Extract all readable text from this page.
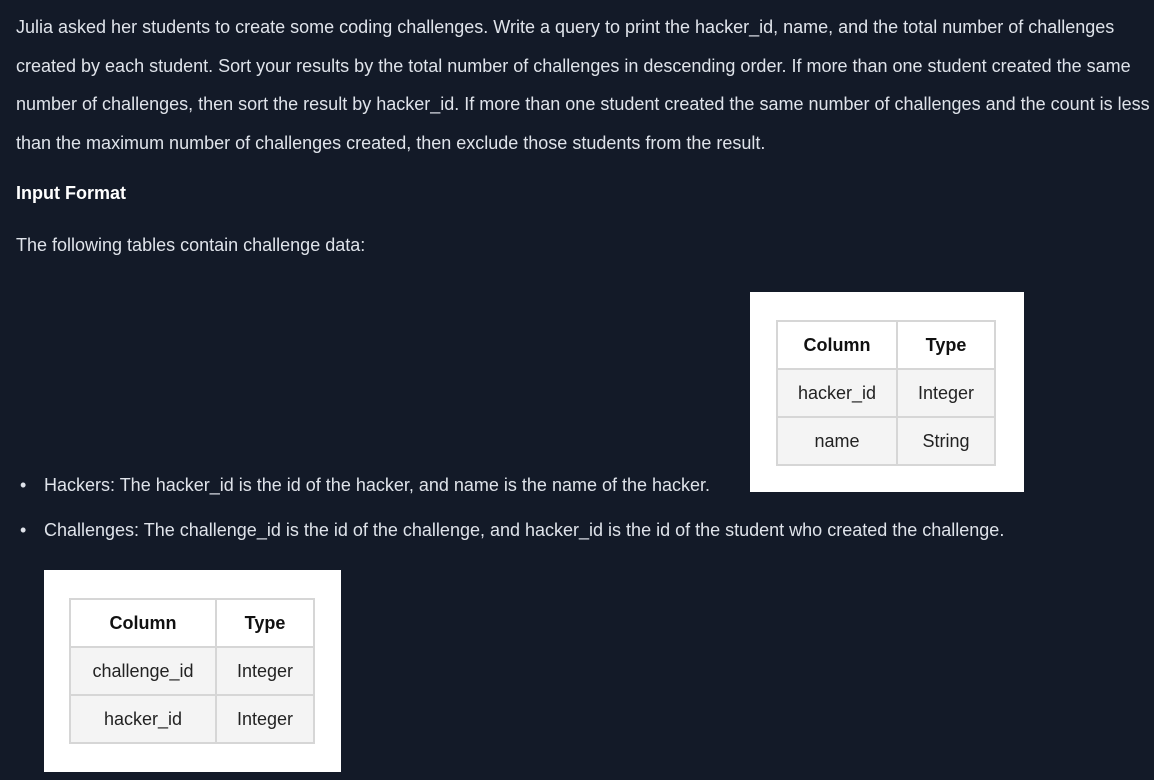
Julia asked her students to create some coding challenges. Write a query to print the hacker_id, name, and the total number of challenges created by each student. Sort your results by the total number of challenges in descending order. If more than one student created the same number of challenges, then sort the result by hacker_id. If more than one student created the same number of challenges and the count is less than the maximum number of challenges created, then exclude those students from the result.

Input Format

The following tables contain challenge data:

Column	Type
hacker_id	Integer
name	String
• Hackers: The hacker_id is the id of the hacker, and name is the name of the hacker.
• Challenges: The challenge_id is the id of the challenge, and hacker_id is the id of the student who created the challenge.
Column	Type
challenge_id	Integer
hacker_id	Integer
